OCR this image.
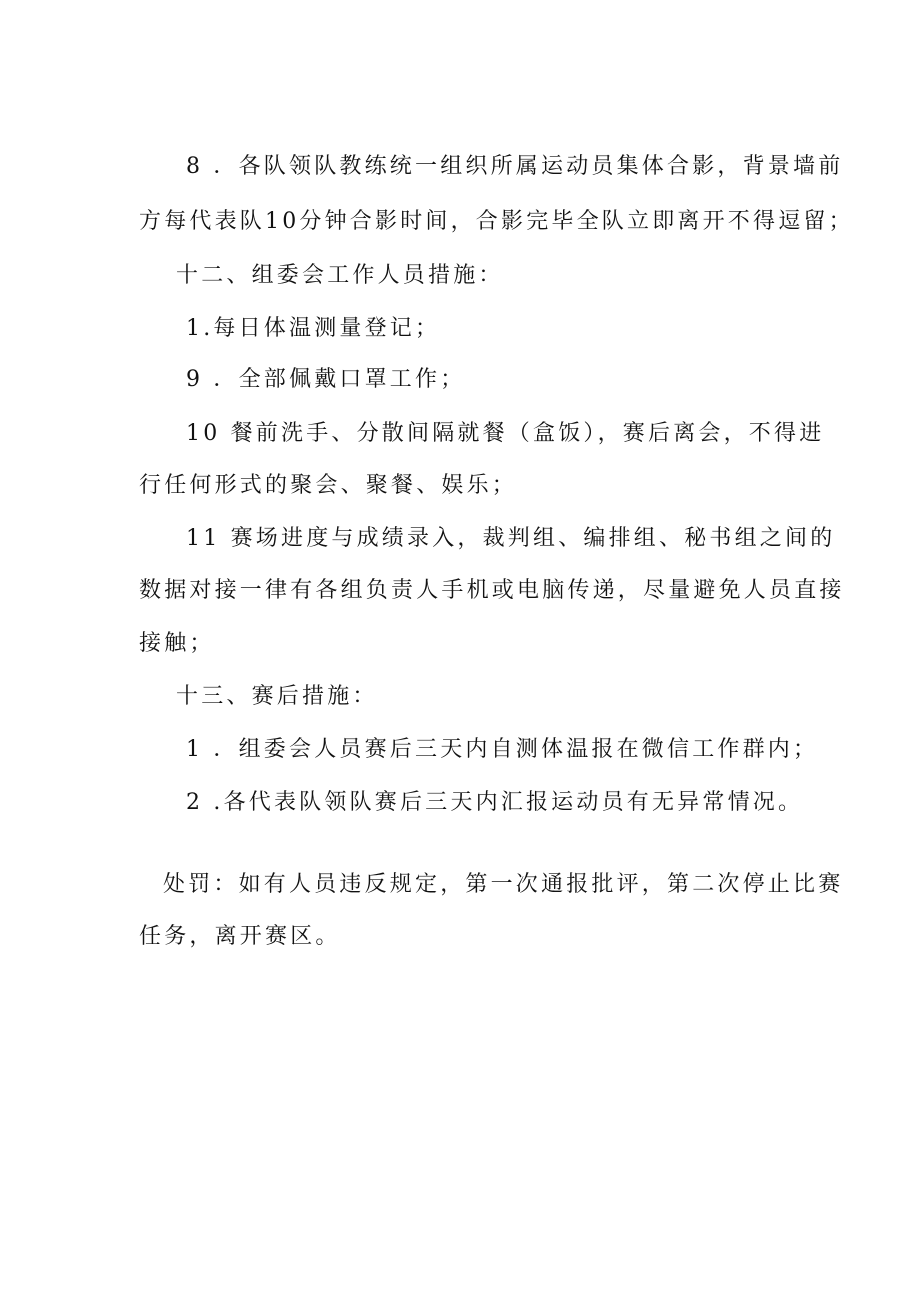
8 ．各队领队教练统一组织所属运动员集体合影，背景墙前
方每代表队10分钟合影时间，合影完毕全队立即离开不得逗留；
十二、组委会工作人员措施：
1.每日体温测量登记；
9 ．全部佩戴口罩工作；
10 餐前洗手、分散间隔就餐（盒饭），赛后离会，不得进
行任何形式的聚会、聚餐、娱乐；
11 赛场进度与成绩录入，裁判组、编排组、秘书组之间的
数据对接一律有各组负责人手机或电脑传递，尽量避免人员直接
接触；
十三、赛后措施：
1 ．组委会人员赛后三天内自测体温报在微信工作群内；
2 .各代表队领队赛后三天内汇报运动员有无异常情况。
处罚：如有人员违反规定，第一次通报批评，第二次停止比赛
任务，离开赛区。
